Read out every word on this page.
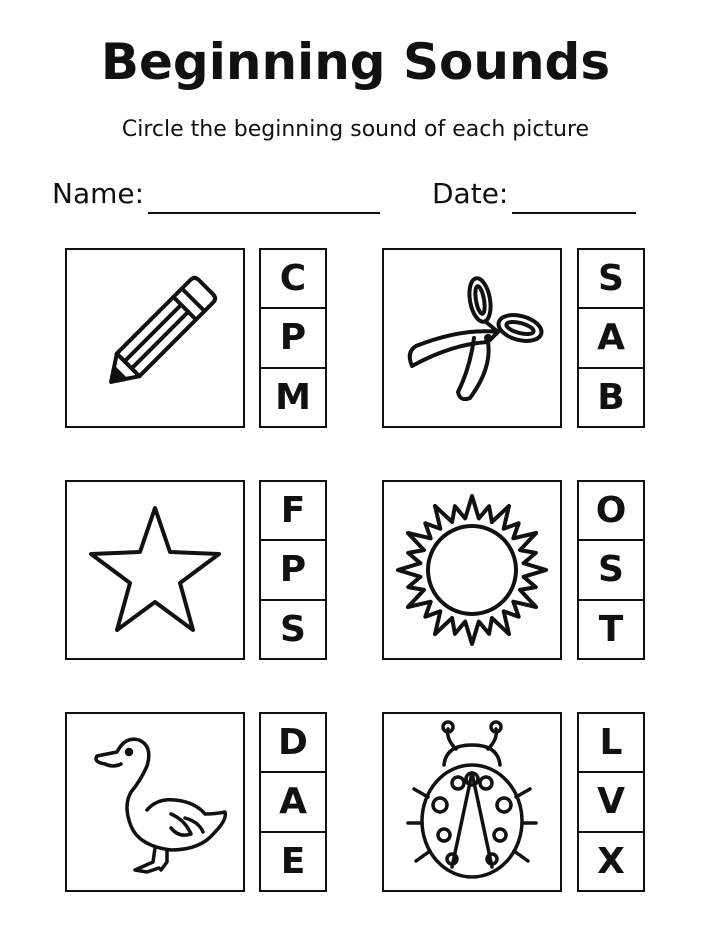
Beginning Sounds
Circle the beginning sound of each picture
Name:	Date:
C
P
M
S
A
B
F
P
S
O
S
T
D
A
E
L
V
X
